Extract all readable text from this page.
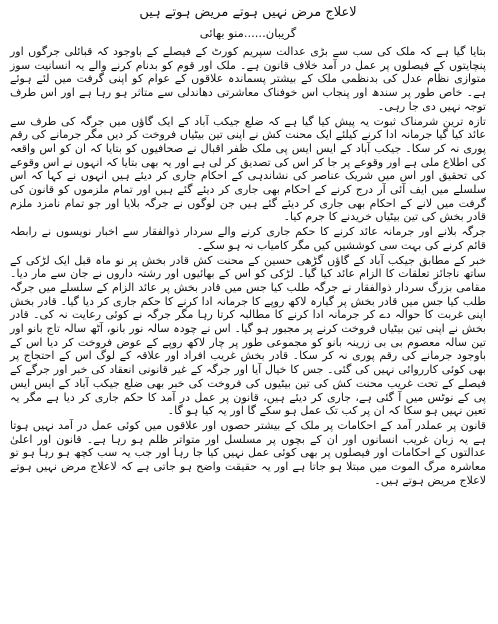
لاعلاج مرض نہیں ہوتے مریض ہوتے ہیں
گریبان......منو بھائی

بتایا گیا ہے کہ ملک کی سب سے بڑی عدالت سپریم کورٹ کے فیصلے کے باوجود کہ قبائلی جرگوں اور پنچایتوں کے فیصلوں پر عمل در آمد خلاف قانون ہے۔ ملک اور قوم کو بدنام کرنے والے یہ انسانیت سوز متوازی نظام عدل کی بدنظمی ملک کے بیشتر پسماندہ علاقوں کے عوام کو اپنی گرفت میں لئے ہوئے ہے۔ خاص طور پر سندھ اور پنجاب اس خوفناک معاشرتی دھاندلی سے متاثر ہو رہا ہے اور اس طرف توجہ نہیں دی جا رہی۔

تازہ ترین شرمناک ثبوت یہ پیش کیا گیا ہے کہ ضلع جیکب آباد کے ایک گاؤں میں جرگہ کی طرف سے عائد کیا گیا جرمانہ ادا کرنے کیلئے ایک محنت کش نے اپنی تین بیٹیاں فروخت کر دیں مگر جرمانے کی رقم پوری نہ کر سکا۔ جیکب آباد کے ایس ایس پی ملک ظفر اقبال نے صحافیوں کو بتایا کہ ان کو اس واقعہ کی اطلاع ملی ہے اور وقوعے پر جا کر اس کی تصدیق کر لی ہے اور یہ بھی بتایا کہ انہوں نے اس وقوعے کی تحقیق اور اس میں شریک عناصر کی نشاندہی کے احکام جاری کر دیئے ہیں انہوں نے کہا کہ اس سلسلے میں ایف آئی آر درج کرنے کے احکام بھی جاری کر دیئے گئے ہیں اور تمام ملزموں کو قانون کی گرفت میں لانے کے احکام بھی جاری کر دیئے گئے ہیں جن لوگوں نے جرگہ بلایا اور جو تمام نامزد ملزم قادر بخش کی تین بیٹیاں خریدنے کا جرم کیا۔

جرگہ بلانے اور جرمانہ عائد کرنے کا حکم جاری کرنے والے سردار ذوالفقار سے اخبار نویسوں نے رابطہ قائم کرنے کی بہت سی کوششیں کیں مگر کامیاب نہ ہو سکے۔

خبر کے مطابق جیکب آباد کے گاؤں گڑھی حسین کے محنت کش قادر بخش پر نو ماہ قبل ایک لڑکی کے ساتھ ناجائز تعلقات کا الزام عائد کیا گیا۔ لڑکی کو اس کے بھائیوں اور رشتہ داروں نے جان سے مار دیا۔ مقامی بزرگ سردار ذوالفقار نے جرگہ طلب کیا جس میں قادر بخش پر عائد الزام کے سلسلے میں جرگہ طلب کیا جس میں قادر بخش پر گیارہ لاکھ روپے کا جرمانہ ادا کرنے کا حکم جاری کر دیا گیا۔ قادر بخش اپنی غربت کا حوالہ دے کر جرمانہ ادا کرنے کا مطالبہ کرتا رہا مگر جرگہ نے کوئی رعایت نہ کی۔ قادر بخش نے اپنی تین بیٹیاں فروخت کرنے پر مجبور ہو گیا۔ اس نے چودہ سالہ نور بانو، آٹھ سالہ تاج بانو اور تین سالہ معصوم بی بی زرینہ بانو کو مجموعی طور پر چار لاکھ روپے کے عوض فروخت کر دیا اس کے باوجود جرمانے کی رقم پوری نہ کر سکا۔ قادر بخش غریب افراد اور علاقہ کے لوگ اس کے احتجاج پر بھی کوئی کارروائی نہیں کی گئی۔ جس کا خیال آیا اور جرگہ کے غیر قانونی انعقاد کی خبر اور جرگے کے فیصلے کے تحت غریب محنت کش کی تین بیٹیوں کی فروخت کی خبر بھی ضلع جیکب آباد کے ایس ایس پی کے نوٹس میں آ گئی ہے، جاری کر دیئے ہیں، قانون پر عمل در آمد کا حکم جاری کر دیا ہے مگر یہ تعین نہیں ہو سکا کہ ان پر کب تک عمل ہو سکے گا اور یہ کیا ہو گا۔

قانون پر عملدر آمد کے احکامات پر ملک کے بیشتر حصوں اور علاقوں میں کوئی عمل در آمد نہیں ہوتا ہے یہ زبان غریب انسانوں اور ان کے بچوں پر مسلسل اور متواتر ظلم ہو رہا ہے۔ قانون اور اعلیٰ عدالتوں کے احکامات اور فیصلوں پر بھی کوئی عمل نہیں کیا جا رہا اور جب یہ سب کچھ ہو رہا ہو تو معاشرہ مرگ الموت میں مبتلا ہو جاتا ہے اور یہ حقیقت واضح ہو جاتی ہے کہ لاعلاج مرض نہیں ہوتے لاعلاج مریض ہوتے ہیں۔
